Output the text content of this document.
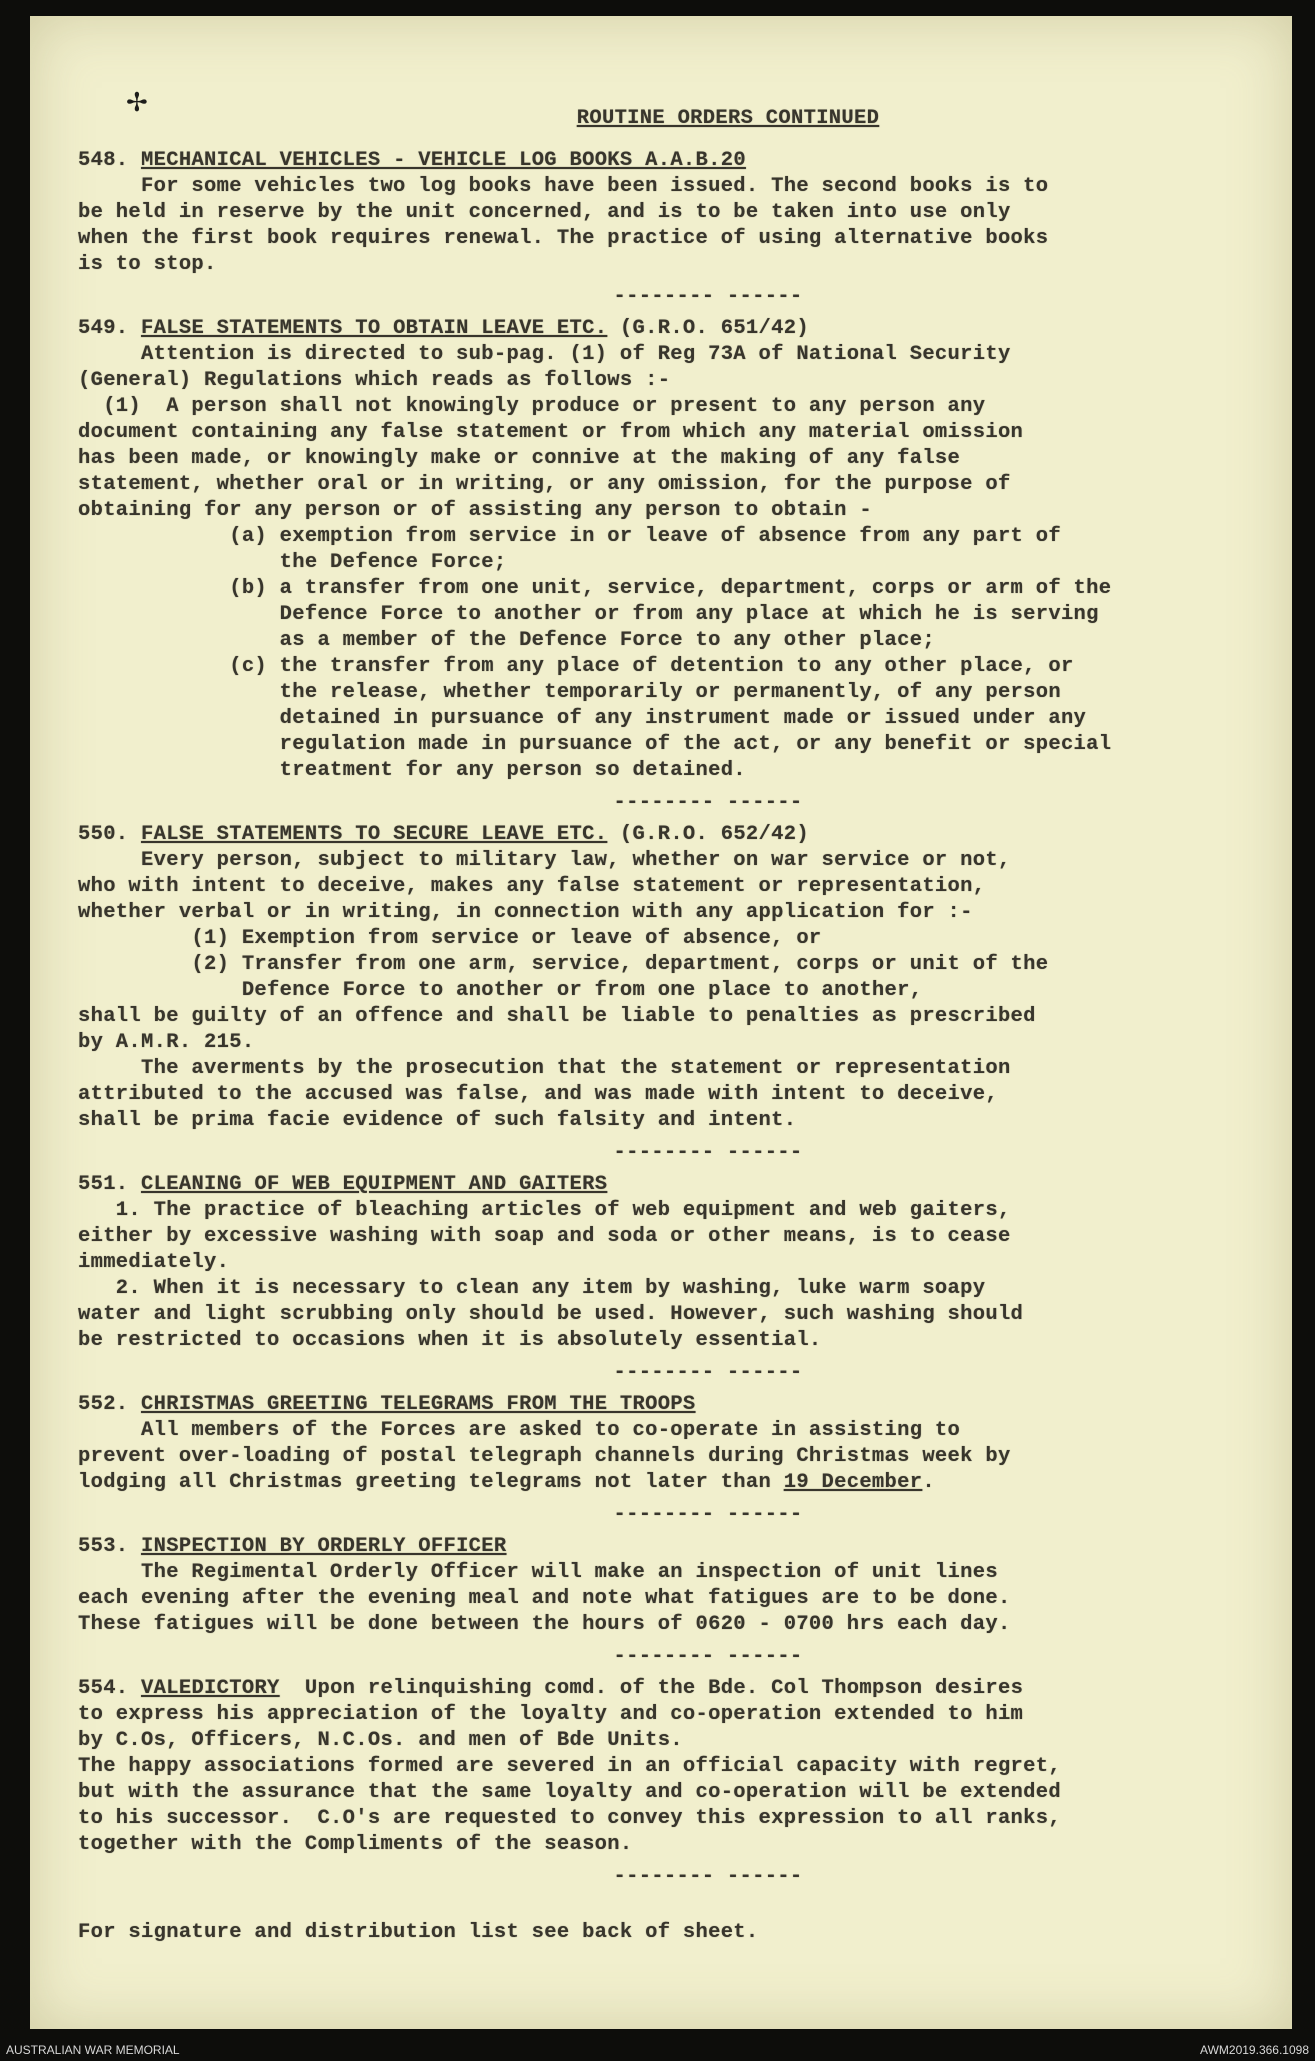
✢
ROUTINE ORDERS CONTINUED
548. MECHANICAL VEHICLES - VEHICLE LOG BOOKS A.A.B.20
For some vehicles two log books have been issued. The second books is to
be held in reserve by the unit concerned, and is to be taken into use only
when the first book requires renewal. The practice of using alternative books
is to stop.
-------- ------
549. FALSE STATEMENTS TO OBTAIN LEAVE ETC. (G.R.O. 651/42)
Attention is directed to sub-pag. (1) of Reg 73A of National Security
(General) Regulations which reads as follows :-
(1)  A person shall not knowingly produce or present to any person any
document containing any false statement or from which any material omission
has been made, or knowingly make or connive at the making of any false
statement, whether oral or in writing, or any omission, for the purpose of
obtaining for any person or of assisting any person to obtain -
(a) exemption from service in or leave of absence from any part of
the Defence Force;
(b) a transfer from one unit, service, department, corps or arm of the
Defence Force to another or from any place at which he is serving
as a member of the Defence Force to any other place;
(c) the transfer from any place of detention to any other place, or
the release, whether temporarily or permanently, of any person
detained in pursuance of any instrument made or issued under any
regulation made in pursuance of the act, or any benefit or special
treatment for any person so detained.
-------- ------
550. FALSE STATEMENTS TO SECURE LEAVE ETC. (G.R.O. 652/42)
Every person, subject to military law, whether on war service or not,
who with intent to deceive, makes any false statement or representation,
whether verbal or in writing, in connection with any application for :-
(1) Exemption from service or leave of absence, or
(2) Transfer from one arm, service, department, corps or unit of the
Defence Force to another or from one place to another,
shall be guilty of an offence and shall be liable to penalties as prescribed
by A.M.R. 215.
The averments by the prosecution that the statement or representation
attributed to the accused was false, and was made with intent to deceive,
shall be prima facie evidence of such falsity and intent.
-------- ------
551. CLEANING OF WEB EQUIPMENT AND GAITERS
1. The practice of bleaching articles of web equipment and web gaiters,
either by excessive washing with soap and soda or other means, is to cease
immediately.
2. When it is necessary to clean any item by washing, luke warm soapy
water and light scrubbing only should be used. However, such washing should
be restricted to occasions when it is absolutely essential.
-------- ------
552. CHRISTMAS GREETING TELEGRAMS FROM THE TROOPS
All members of the Forces are asked to co-operate in assisting to
prevent over-loading of postal telegraph channels during Christmas week by
lodging all Christmas greeting telegrams not later than 19 December.
-------- ------
553. INSPECTION BY ORDERLY OFFICER
The Regimental Orderly Officer will make an inspection of unit lines
each evening after the evening meal and note what fatigues are to be done.
These fatigues will be done between the hours of 0620 - 0700 hrs each day.
-------- ------
554. VALEDICTORY  Upon relinquishing comd. of the Bde. Col Thompson desires
to express his appreciation of the loyalty and co-operation extended to him
by C.Os, Officers, N.C.Os. and men of Bde Units.
The happy associations formed are severed in an official capacity with regret,
but with the assurance that the same loyalty and co-operation will be extended
to his successor.  C.O's are requested to convey this expression to all ranks,
together with the Compliments of the season.
-------- ------
For signature and distribution list see back of sheet.
AUSTRALIAN WAR MEMORIAL	AWM2019.366.1098
